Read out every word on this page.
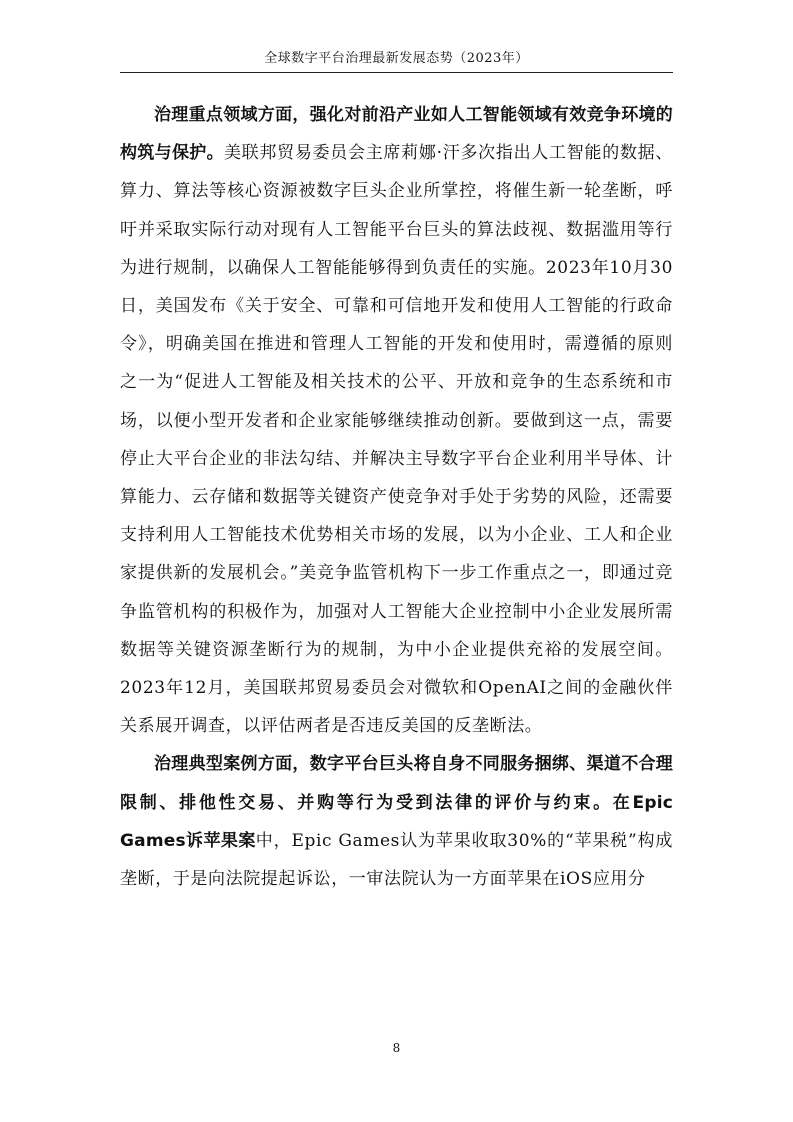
全球数字平台治理最新发展态势（2023年）

治理重点领域方面，强化对前沿产业如人工智能领域有效竞争环境的构筑与保护。美联邦贸易委员会主席莉娜·汗多次指出人工智能的数据、算力、算法等核心资源被数字巨头企业所掌控，将催生新一轮垄断，呼吁并采取实际行动对现有人工智能平台巨头的算法歧视、数据滥用等行为进行规制，以确保人工智能能够得到负责任的实施。2023年10月30日，美国发布《关于安全、可靠和可信地开发和使用人工智能的行政命令》，明确美国在推进和管理人工智能的开发和使用时，需遵循的原则之一为“促进人工智能及相关技术的公平、开放和竞争的生态系统和市场，以便小型开发者和企业家能够继续推动创新。要做到这一点，需要停止大平台企业的非法勾结、并解决主导数字平台企业利用半导体、计算能力、云存储和数据等关键资产使竞争对手处于劣势的风险，还需要支持利用人工智能技术优势相关市场的发展，以为小企业、工人和企业家提供新的发展机会。”美竞争监管机构下一步工作重点之一，即通过竞争监管机构的积极作为，加强对人工智能大企业控制中小企业发展所需数据等关键资源垄断行为的规制，为中小企业提供充裕的发展空间。2023年12月，美国联邦贸易委员会对微软和OpenAI之间的金融伙伴关系展开调查，以评估两者是否违反美国的反垄断法。

治理典型案例方面，数字平台巨头将自身不同服务捆绑、渠道不合理限制、排他性交易、并购等行为受到法律的评价与约束。在Epic Games诉苹果案中，Epic Games认为苹果收取30%的“苹果税”构成垄断，于是向法院提起诉讼，一审法院认为一方面苹果在iOS应用分

8
